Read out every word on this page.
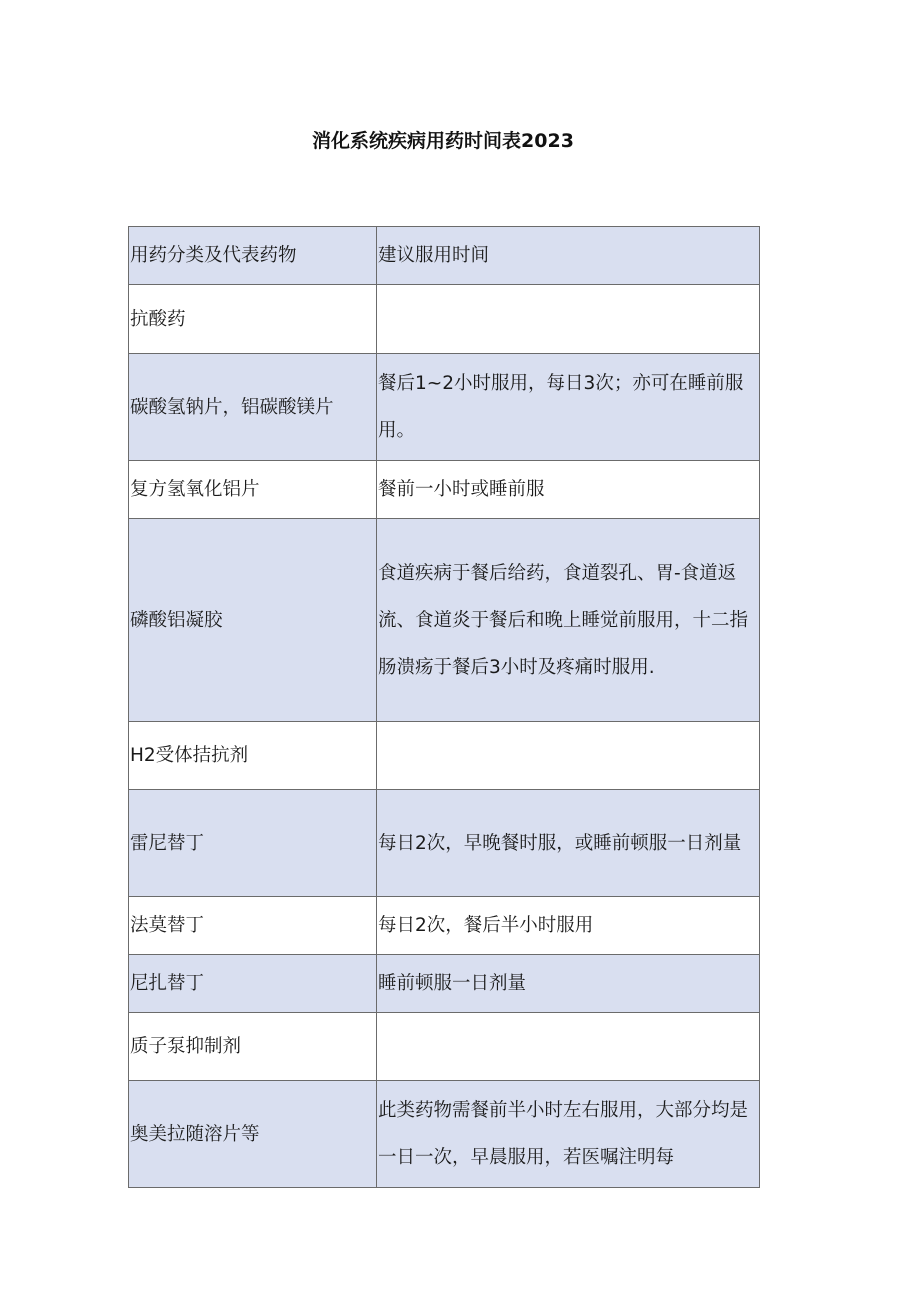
消化系统疾病用药时间表2023
用药分类及代表药物	建议服用时间
抗酸药	
碳酸氢钠片，铝碳酸镁片	餐后1~2小时服用，每日3次；亦可在睡前服用。
复方氢氧化铝片	餐前一小时或睡前服
磷酸铝凝胶	食道疾病于餐后给药，食道裂孔、胃-食道返流、食道炎于餐后和晚上睡觉前服用，十二指肠溃疡于餐后3小时及疼痛时服用.
H2受体拮抗剂	
雷尼替丁	每日2次，早晚餐时服，或睡前顿服一日剂量
法莫替丁	每日2次，餐后半小时服用
尼扎替丁	睡前顿服一日剂量
质子泵抑制剂	
奥美拉随溶片等	此类药物需餐前半小时左右服用，大部分均是一日一次，早晨服用，若医嘱注明每
